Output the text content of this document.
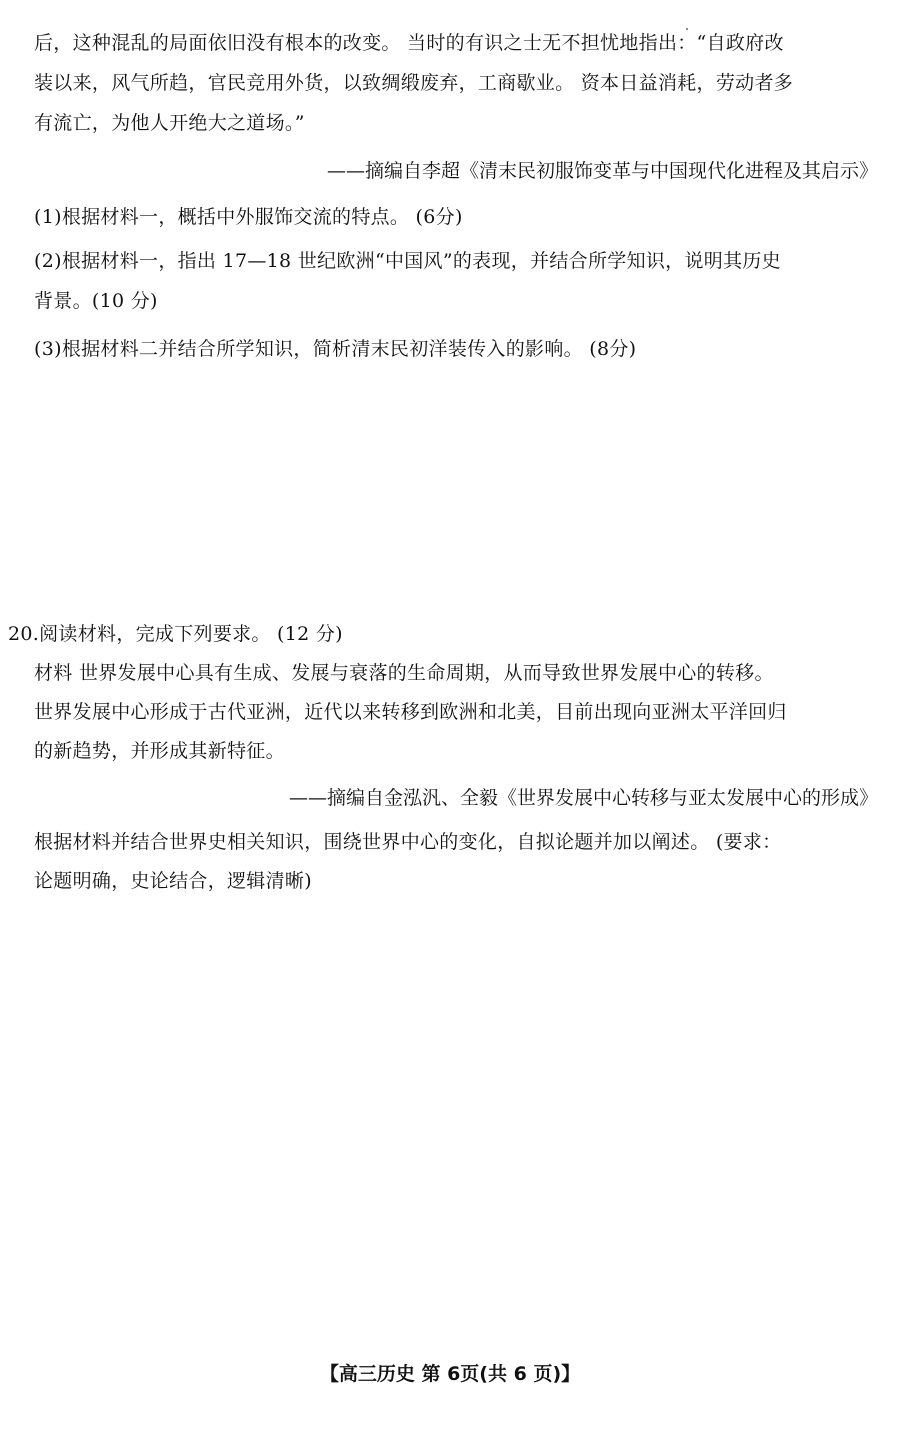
后，这种混乱的局面依旧没有根本的改变。 当时的有识之士无不担忧地指出：“自政府改
装以来，风气所趋，官民竞用外货，以致绸缎废弃，工商歇业。 资本日益消耗，劳动者多
有流亡，为他人开绝大之道场。”
——摘编自李超《清末民初服饰变革与中国现代化进程及其启示》
(1)根据材料一，概括中外服饰交流的特点。 (6分)
(2)根据材料一，指出 17—18 世纪欧洲“中国风”的表现，并结合所学知识，说明其历史
背景。(10 分)
(3)根据材料二并结合所学知识，简析清末民初洋装传入的影响。 (8分)
20.阅读材料，完成下列要求。 (12 分)
材料 世界发展中心具有生成、发展与衰落的生命周期，从而导致世界发展中心的转移。
世界发展中心形成于古代亚洲，近代以来转移到欧洲和北美，目前出现向亚洲太平洋回归
的新趋势，并形成其新特征。
——摘编自金泓汎、全毅《世界发展中心转移与亚太发展中心的形成》
根据材料并结合世界史相关知识，围绕世界中心的变化，自拟论题并加以阐述。 (要求：
论题明确，史论结合，逻辑清晰)
【高三历史 第 6页(共 6 页)】
